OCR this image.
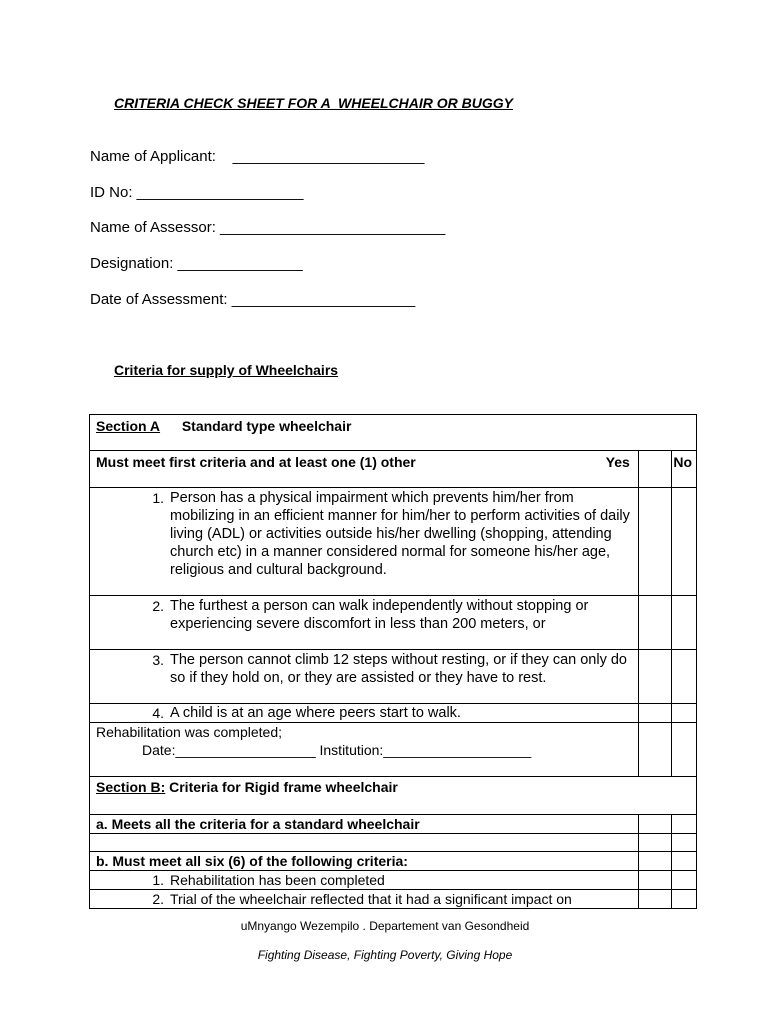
CRITERIA CHECK SHEET FOR A  WHEELCHAIR OR BUGGY
Name of Applicant:    _______________________
ID No: ____________________
Name of Assessor: ___________________________
Designation: _______________
Date of Assessment: ______________________
Criteria for supply of Wheelchairs
Section A Standard type wheelchair		
Must meet first criteria and at least one (1) other Yes		No

1. Person has a physical impairment which prevents him/her from mobilizing in an efficient manner for him/her to perform activities of daily living (ADL) or activities outside his/her dwelling (shopping, attending church etc) in a manner considered normal for someone his/her age, religious and cultural background.		

2. The furthest a person can walk independently without stopping or experiencing severe discomfort in less than 200 meters, or		

3. The person cannot climb 12 steps without resting, or if they can only do so if they hold on, or they are assisted or they have to rest.		

4. A child is at an age where peers start to walk.		

Rehabilitation was completed;
Date:__________________ Institution:___________________		

Section B: Criteria for Rigid frame wheelchair		
a. Meets all the criteria for a standard wheelchair		

b. Must meet all six (6) of the following criteria:		

1. Rehabilitation has been completed		

2. Trial of the wheelchair reflected that it had a significant impact on		

uMnyango Wezempilo . Departement van Gesondheid
Fighting Disease, Fighting Poverty, Giving Hope
